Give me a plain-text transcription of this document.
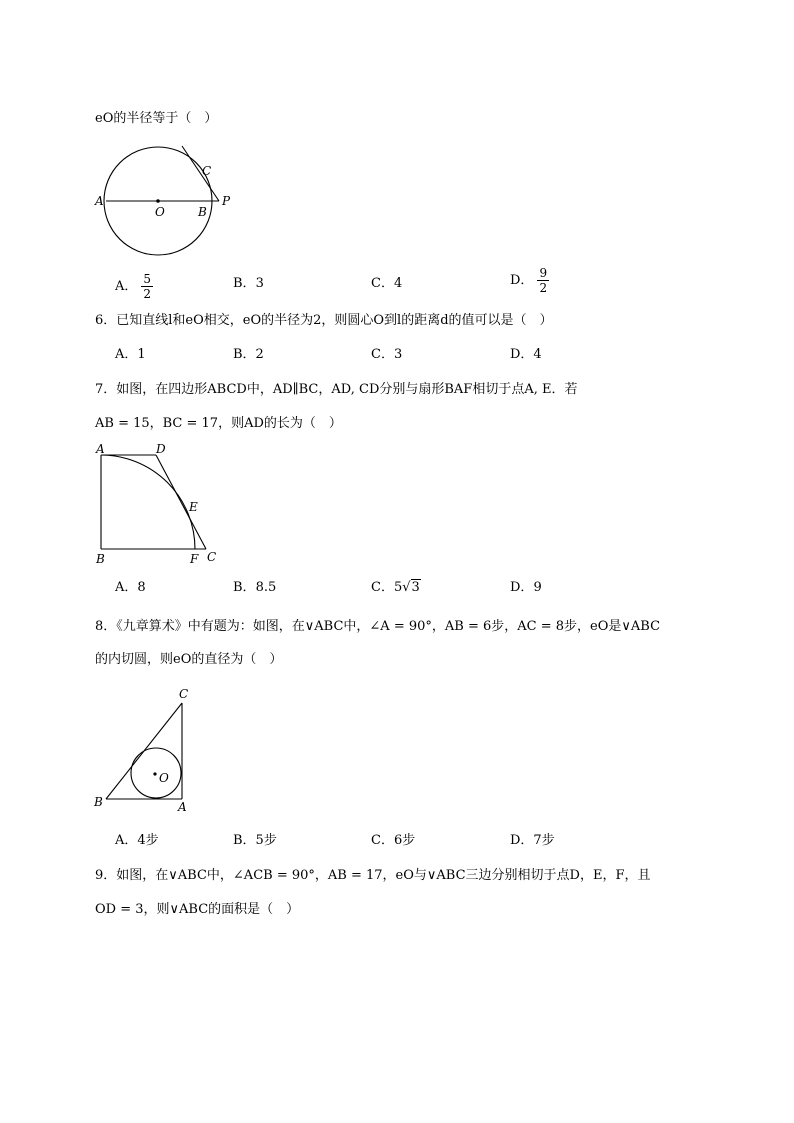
eO的半径等于（　）
A
O	B
C
P
A． $\frac{5}{2}$	B．3	C．4	D． $\frac{9}{2}$
6．已知直线l和eO相交，eO的半径为2，则圆心O到l的距离d的值可以是（　）
A．1	B．2	C．3	D．4
7．如图，在四边形ABCD中，AD∥BC，AD, CD分别与扇形BAF相切于点A, E．若
AB = 15，BC = 17，则AD的长为（　）
A	D
E
B	F C
A．8	B．8.5	C．5√3	D．9
8．《九章算术》中有题为：如图，在∨ABC中，∠A = 90°，AB = 6步，AC = 8步，eO是∨ABC
的内切圆，则eO的直径为（　）
C
O
B	A
A．4步	B．5步	C．6步	D．7步
9．如图，在∨ABC中，∠ACB = 90°，AB = 17，eO与∨ABC三边分别相切于点D，E，F，且
OD = 3，则∨ABC的面积是（　）
